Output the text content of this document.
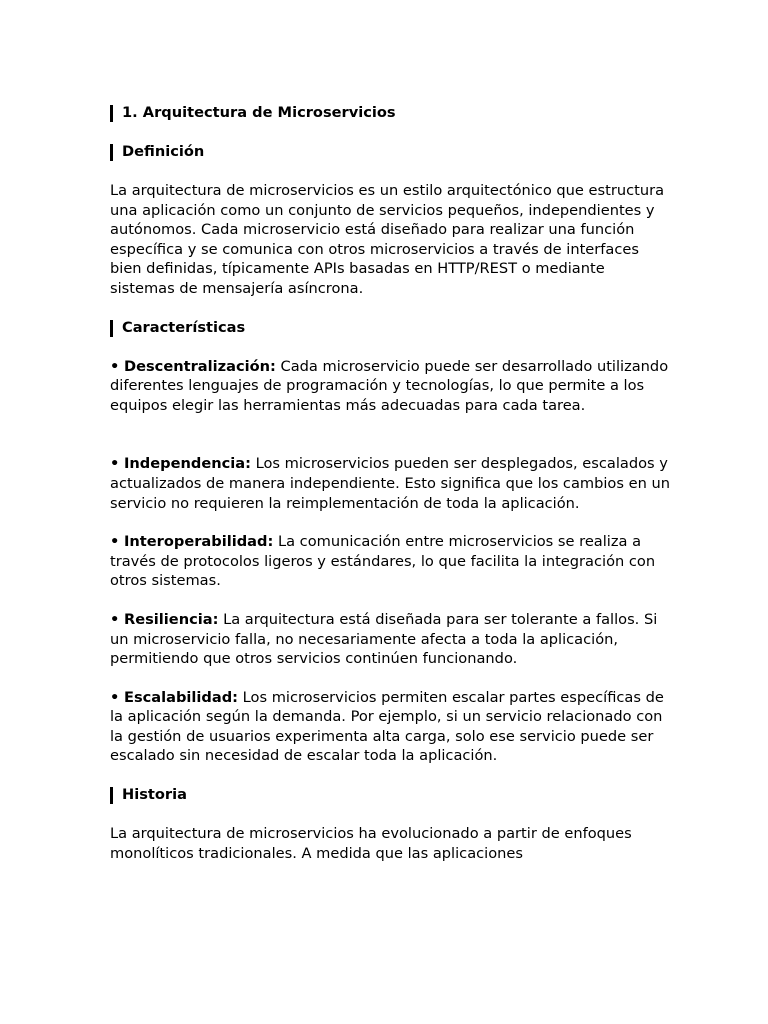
1. Arquitectura de Microservicios
Definición

La arquitectura de microservicios es un estilo arquitectónico que estructura una aplicación como un conjunto de servicios pequeños, independientes y autónomos. Cada microservicio está diseñado para realizar una función específica y se comunica con otros microservicios a través de interfaces bien definidas, típicamente APIs basadas en HTTP/REST o mediante sistemas de mensajería asíncrona.

Características

• Descentralización: Cada microservicio puede ser desarrollado utilizando diferentes lenguajes de programación y tecnologías, lo que permite a los equipos elegir las herramientas más adecuadas para cada tarea.

• Independencia: Los microservicios pueden ser desplegados, escalados y actualizados de manera independiente. Esto significa que los cambios en un servicio no requieren la reimplementación de toda la aplicación.

• Interoperabilidad: La comunicación entre microservicios se realiza a través de protocolos ligeros y estándares, lo que facilita la integración con otros sistemas.

• Resiliencia: La arquitectura está diseñada para ser tolerante a fallos. Si un microservicio falla, no necesariamente afecta a toda la aplicación, permitiendo que otros servicios continúen funcionando.

• Escalabilidad: Los microservicios permiten escalar partes específicas de la aplicación según la demanda. Por ejemplo, si un servicio relacionado con la gestión de usuarios experimenta alta carga, solo ese servicio puede ser escalado sin necesidad de escalar toda la aplicación.

Historia

La arquitectura de microservicios ha evolucionado a partir de enfoques monolíticos tradicionales. A medida que las aplicaciones
